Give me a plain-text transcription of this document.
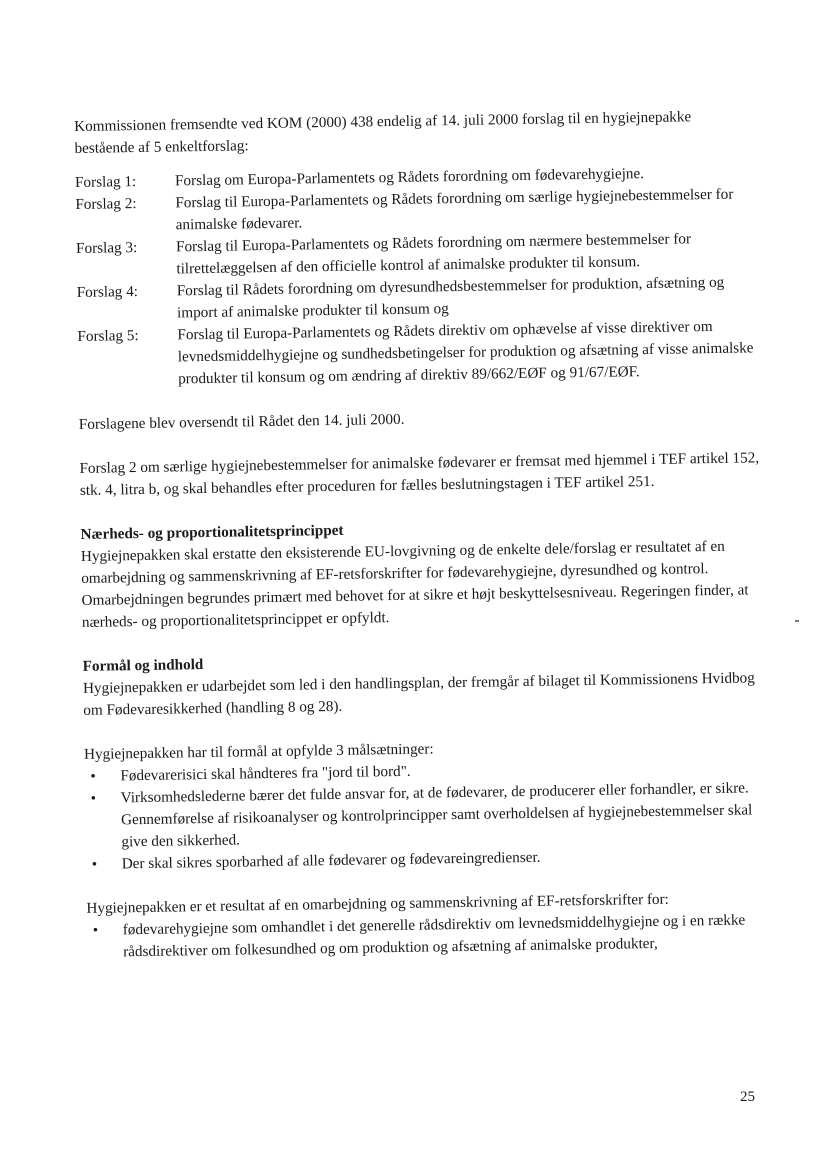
Kommissionen fremsendte ved KOM (2000) 438 endelig af 14. juli 2000 forslag til en hygiejnepakke bestående af 5 enkeltforslag:

Forslag 1:	Forslag om Europa-Parlamentets og Rådets forordning om fødevarehygiejne.
Forslag 2:	Forslag til Europa-Parlamentets og Rådets forordning om særlige hygiejnebestemmelser for animalske fødevarer.
Forslag 3:	Forslag til Europa-Parlamentets og Rådets forordning om nærmere bestemmelser for tilrettelæggelsen af den officielle kontrol af animalske produkter til konsum.
Forslag 4:	Forslag til Rådets forordning om dyresundhedsbestemmelser for produktion, afsætning og import af animalske produkter til konsum og
Forslag 5:	Forslag til Europa-Parlamentets og Rådets direktiv om ophævelse af visse direktiver om levnedsmiddelhygiejne og sundhedsbetingelser for produktion og afsætning af visse animalske produkter til konsum og om ændring af direktiv 89/662/EØF og 91/67/EØF.

Forslagene blev oversendt til Rådet den 14. juli 2000.

Forslag 2 om særlige hygiejnebestemmelser for animalske fødevarer er fremsat med hjemmel i TEF artikel 152, stk. 4, litra b, og skal behandles efter proceduren for fælles beslutningstagen i TEF artikel 251.

Nærheds- og proportionalitetsprincippet

Hygiejnepakken skal erstatte den eksisterende EU-lovgivning og de enkelte dele/forslag er resultatet af en omarbejdning og sammenskrivning af EF-retsforskrifter for fødevarehygiejne, dyresundhed og kontrol. Omarbejdningen begrundes primært med behovet for at sikre et højt beskyttelsesniveau. Regeringen finder, at nærheds- og proportionalitetsprincippet er opfyldt.

Formål og indhold

Hygiejnepakken er udarbejdet som led i den handlingsplan, der fremgår af bilaget til Kommissionens Hvidbog om Fødevaresikkerhed (handling 8 og 28).

Hygiejnepakken har til formål at opfylde 3 målsætninger:

•	Fødevarerisici skal håndteres fra "jord til bord".
•	Virksomhedslederne bærer det fulde ansvar for, at de fødevarer, de producerer eller forhandler, er sikre. Gennemførelse af risikoanalyser og kontrolprincipper samt overholdelsen af hygiejnebestemmelser skal give den sikkerhed.
•	Der skal sikres sporbarhed af alle fødevarer og fødevareingredienser.

Hygiejnepakken er et resultat af en omarbejdning og sammenskrivning af EF-retsforskrifter for:

•	fødevarehygiejne som omhandlet i det generelle rådsdirektiv om levnedsmiddelhygiejne og i en række rådsdirektiver om folkesundhed og om produktion og afsætning af animalske produkter,
25
